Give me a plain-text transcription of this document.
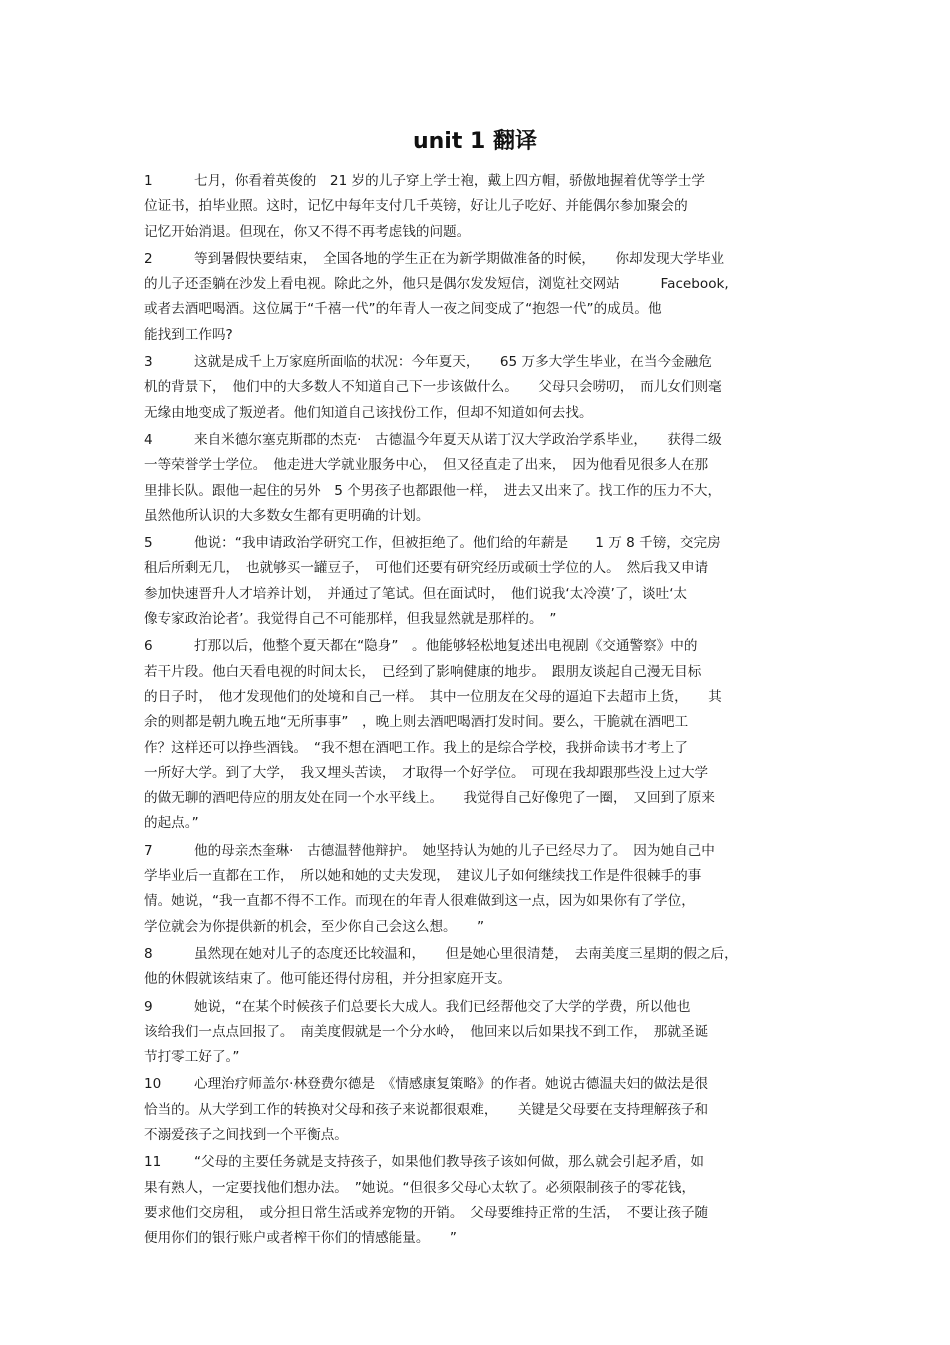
unit 1 翻译
1	七月，你看着英俊的　21 岁的儿子穿上学士袍，戴上四方帽，骄傲地握着优等学士学
位证书，拍毕业照。这时，记忆中每年支付几千英镑，好让儿子吃好、并能偶尔参加聚会的
记忆开始消退。但现在，你又不得不再考虑钱的问题。
2	等到暑假快要结束，　全国各地的学生正在为新学期做准备的时候，　　你却发现大学毕业
的儿子还歪躺在沙发上看电视。除此之外，他只是偶尔发发短信，浏览社交网站　　　Facebook,
或者去酒吧喝酒。这位属于“千禧一代”的年青人一夜之间变成了“抱怨一代”的成员。他
能找到工作吗?
3	这就是成千上万家庭所面临的状况：今年夏天，　　65 万多大学生毕业，在当今金融危
机的背景下，　他们中的大多数人不知道自己下一步该做什么。　　父母只会唠叨，　而儿女们则毫
无缘由地变成了叛逆者。他们知道自己该找份工作，但却不知道如何去找。
4	来自米德尔塞克斯郡的杰克·　古德温今年夏天从诺丁汉大学政治学系毕业，　　获得二级
一等荣誉学士学位。　他走进大学就业服务中心，　但又径直走了出来，　因为他看见很多人在那
里排长队。跟他一起住的另外　5 个男孩子也都跟他一样，　进去又出来了。找工作的压力不大，
虽然他所认识的大多数女生都有更明确的计划。
5	他说：“我申请政治学研究工作，但被拒绝了。他们给的年薪是　　1 万 8 千镑，交完房
租后所剩无几，　也就够买一罐豆子，　可他们还要有研究经历或硕士学位的人。　然后我又申请
参加快速晋升人才培养计划，　并通过了笔试。但在面试时，　他们说我‘太冷漠’了，谈吐‘太
像专家政治论者’。我觉得自己不可能那样，但我显然就是那样的。　”
6	打那以后，他整个夏天都在“隐身”　。他能够轻松地复述出电视剧《交通警察》中的
若干片段。他白天看电视的时间太长，　已经到了影响健康的地步。　跟朋友谈起自己漫无目标
的日子时，　他才发现他们的处境和自己一样。　其中一位朋友在父母的逼迫下去超市上货，　　其
余的则都是朝九晚五地“无所事事”　，晚上则去酒吧喝酒打发时间。要么，干脆就在酒吧工
作？这样还可以挣些酒钱。　“我不想在酒吧工作。我上的是综合学校，我拼命读书才考上了
一所好大学。到了大学，　我又埋头苦读，　才取得一个好学位。　可现在我却跟那些没上过大学
的做无聊的酒吧侍应的朋友处在同一个水平线上。　　我觉得自己好像兜了一圈，　又回到了原来
的起点。”
7	他的母亲杰奎琳·　古德温替他辩护。　她坚持认为她的儿子已经尽力了。　因为她自己中
学毕业后一直都在工作，　所以她和她的丈夫发现，　建议儿子如何继续找工作是件很棘手的事
情。她说，“我一直都不得不工作。而现在的年青人很难做到这一点，因为如果你有了学位，
学位就会为你提供新的机会，至少你自己会这么想。　　”
8	虽然现在她对儿子的态度还比较温和，　　但是她心里很清楚，　去南美度三星期的假之后，
他的休假就该结束了。他可能还得付房租，并分担家庭开支。
9	她说，“在某个时候孩子们总要长大成人。我们已经帮他交了大学的学费，所以他也
该给我们一点点回报了。　南美度假就是一个分水岭，　他回来以后如果找不到工作，　那就圣诞
节打零工好了。”
10 心理治疗师盖尔·林登费尔德是　《情感康复策略》的作者。她说古德温夫妇的做法是很
恰当的。从大学到工作的转换对父母和孩子来说都很艰难，　　关键是父母要在支持理解孩子和
不溺爱孩子之间找到一个平衡点。
11 “父母的主要任务就是支持孩子，如果他们教导孩子该如何做，那么就会引起矛盾，如
果有熟人，一定要找他们想办法。　”她说。“但很多父母心太软了。必须限制孩子的零花钱，
要求他们交房租，　或分担日常生活或养宠物的开销。　父母要维持正常的生活，　不要让孩子随
便用你们的银行账户或者榨干你们的情感能量。　　”
